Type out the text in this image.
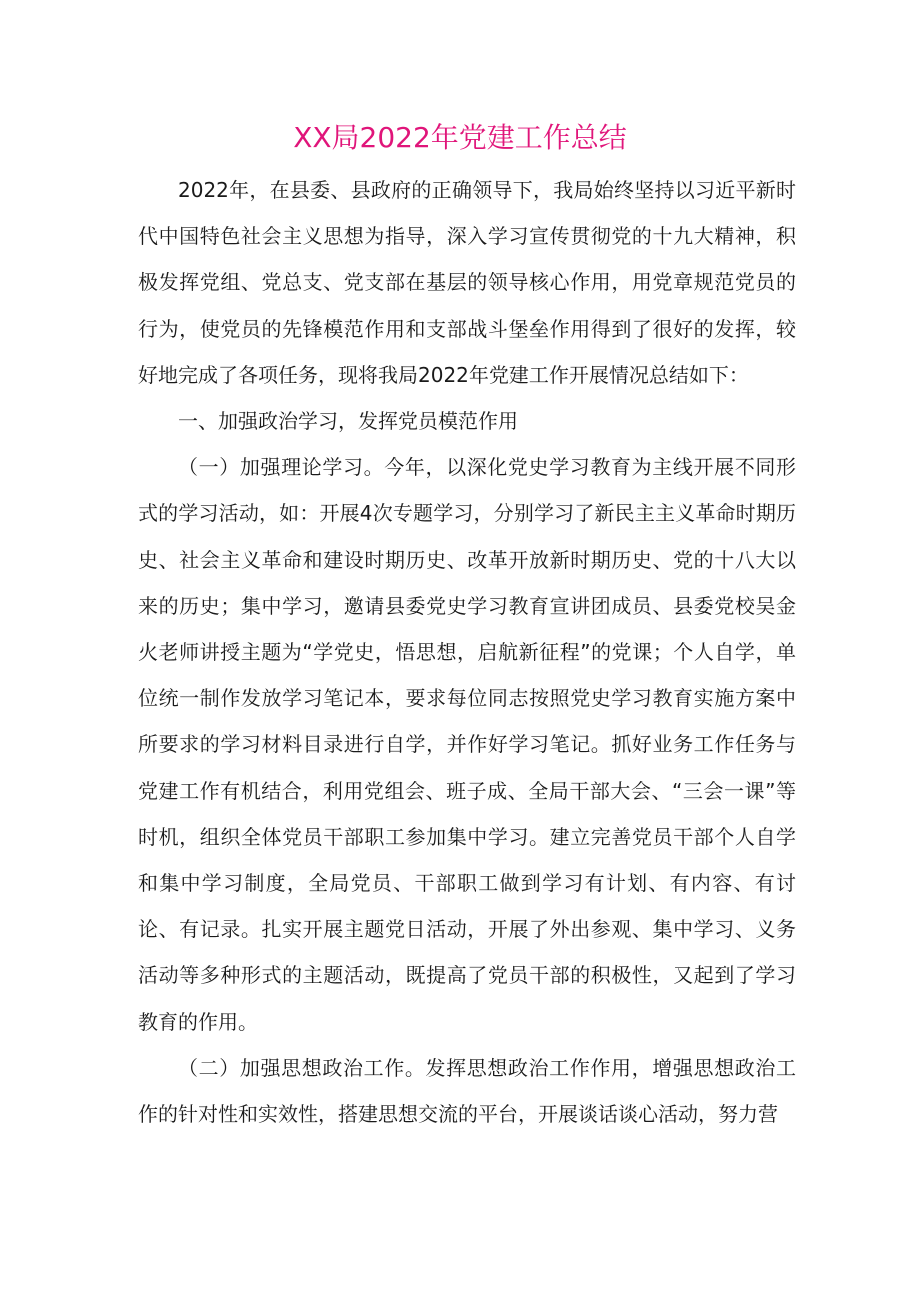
XX局2022年党建工作总结

2022年，在县委、县政府的正确领导下，我局始终坚持以习近平新时代中国特色社会主义思想为指导，深入学习宣传贯彻党的十九大精神，积极发挥党组、党总支、党支部在基层的领导核心作用，用党章规范党员的行为，使党员的先锋模范作用和支部战斗堡垒作用得到了很好的发挥，较好地完成了各项任务，现将我局2022年党建工作开展情况总结如下：

一、加强政治学习，发挥党员模范作用

（一）加强理论学习。今年，以深化党史学习教育为主线开展不同形式的学习活动，如：开展4次专题学习，分别学习了新民主主义革命时期历史、社会主义革命和建设时期历史、改革开放新时期历史、党的十八大以来的历史；集中学习，邀请县委党史学习教育宣讲团成员、县委党校吴金火老师讲授主题为“学党史，悟思想，启航新征程”的党课；个人自学，单位统一制作发放学习笔记本，要求每位同志按照党史学习教育实施方案中所要求的学习材料目录进行自学，并作好学习笔记。抓好业务工作任务与党建工作有机结合，利用党组会、班子成、全局干部大会、“三会一课”等时机，组织全体党员干部职工参加集中学习。建立完善党员干部个人自学和集中学习制度，全局党员、干部职工做到学习有计划、有内容、有讨论、有记录。扎实开展主题党日活动，开展了外出参观、集中学习、义务活动等多种形式的主题活动，既提高了党员干部的积极性，又起到了学习教育的作用。

（二）加强思想政治工作。发挥思想政治工作作用，增强思想政治工作的针对性和实效性，搭建思想交流的平台，开展谈话谈心活动，努力营
